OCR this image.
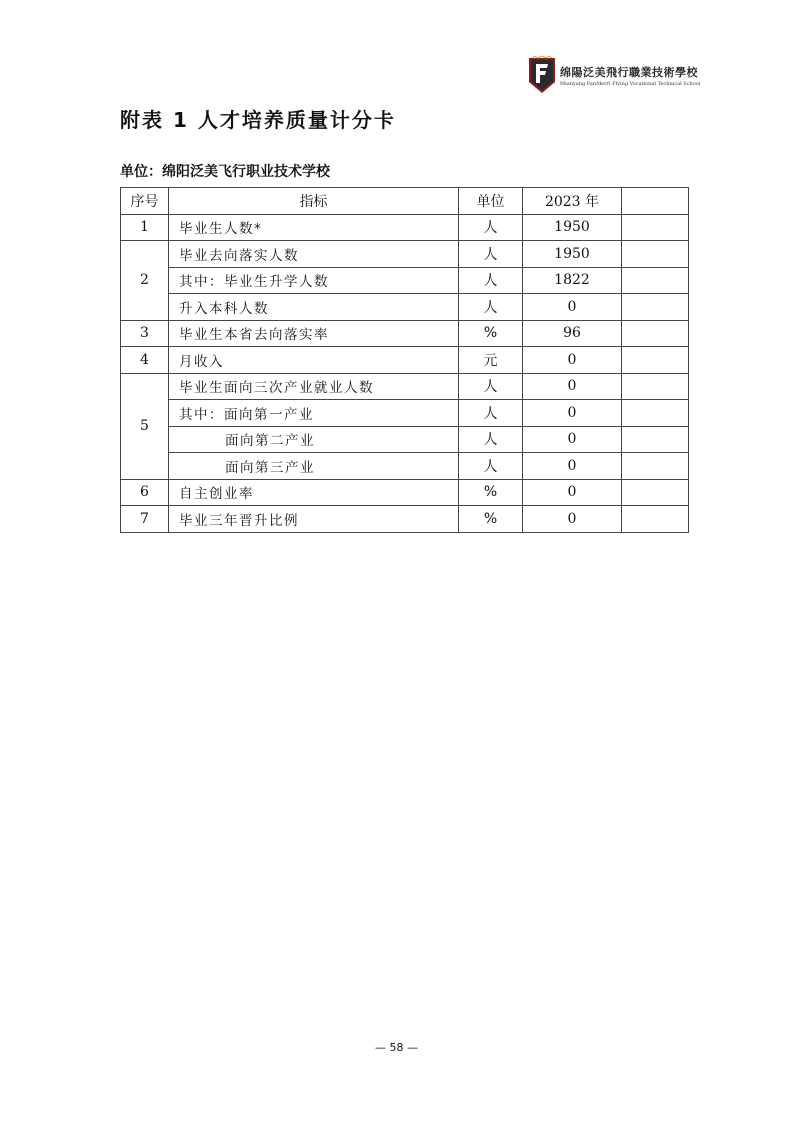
绵陽泛美飛行職業技術學校
Mianyang FanMerri Flying Vocational Technical School
附表 1 人才培养质量计分卡
单位：绵阳泛美飞行职业技术学校
序号	指标	单位	2023 年	
1	毕业生人数*	人	1950	
2	毕业去向落实人数	人	1950	
	其中：毕业生升学人数	人	1822	
	升入本科人数	人	0	
3	毕业生本省去向落实率	%	96	
4	月收入	元	0	
5	毕业生面向三次产业就业人数	人	0	
	其中：面向第一产业	人	0	
	面向第二产业	人	0	
	面向第三产业	人	0	
6	自主创业率	%	0	
7	毕业三年晋升比例	%	0	
— 58 —
